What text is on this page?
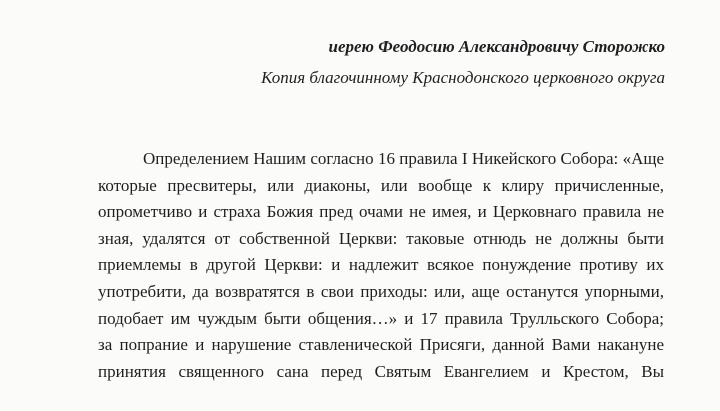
иерею Феодосию Александровичу Сторожко
Копия благочинному Краснодонского церковного округа
Определением Нашим согласно 16 правила I Никейского Собора: «Аще
которые пресвитеры, или диаконы, или вообще к клиру причисленные,
опрометчиво и страха Божия пред очами не имея, и Церковнаго правила не
зная, удалятся от собственной Церкви: таковые отнюдь не должны быти
приемлемы в другой Церкви: и надлежит всякое понуждение противу их
употребити, да возвратятся в свои приходы: или, аще останутся упорными,
подобает им чуждым быти общения…» и 17 правила Трулльского Собора;
за попрание и нарушение ставленической Присяги, данной Вами накануне
принятия священного сана перед Святым Евангелием и Крестом, Вы
